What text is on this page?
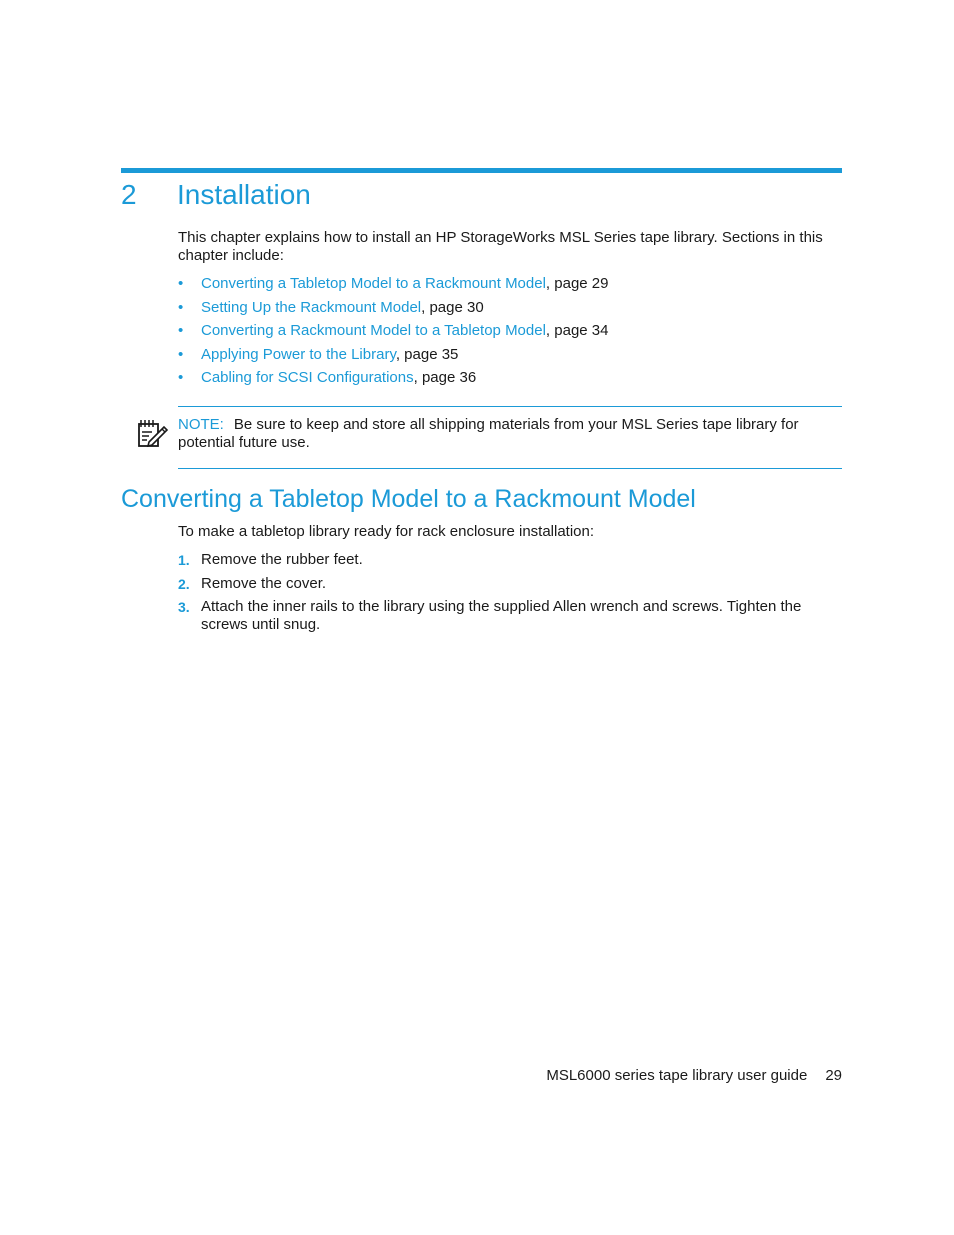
2 Installation

This chapter explains how to install an HP StorageWorks MSL Series tape library. Sections in this chapter include:

• Converting a Tabletop Model to a Rackmount Model, page 29
• Setting Up the Rackmount Model, page 30
• Converting a Rackmount Model to a Tabletop Model, page 34
• Applying Power to the Library, page 35
• Cabling for SCSI Configurations, page 36

NOTE: Be sure to keep and store all shipping materials from your MSL Series tape library for potential future use.

Converting a Tabletop Model to a Rackmount Model

To make a tabletop library ready for rack enclosure installation:

1. Remove the rubber feet.
2. Remove the cover.
3. Attach the inner rails to the library using the supplied Allen wrench and screws. Tighten the screws until snug.
MSL6000 series tape library user guide 29
